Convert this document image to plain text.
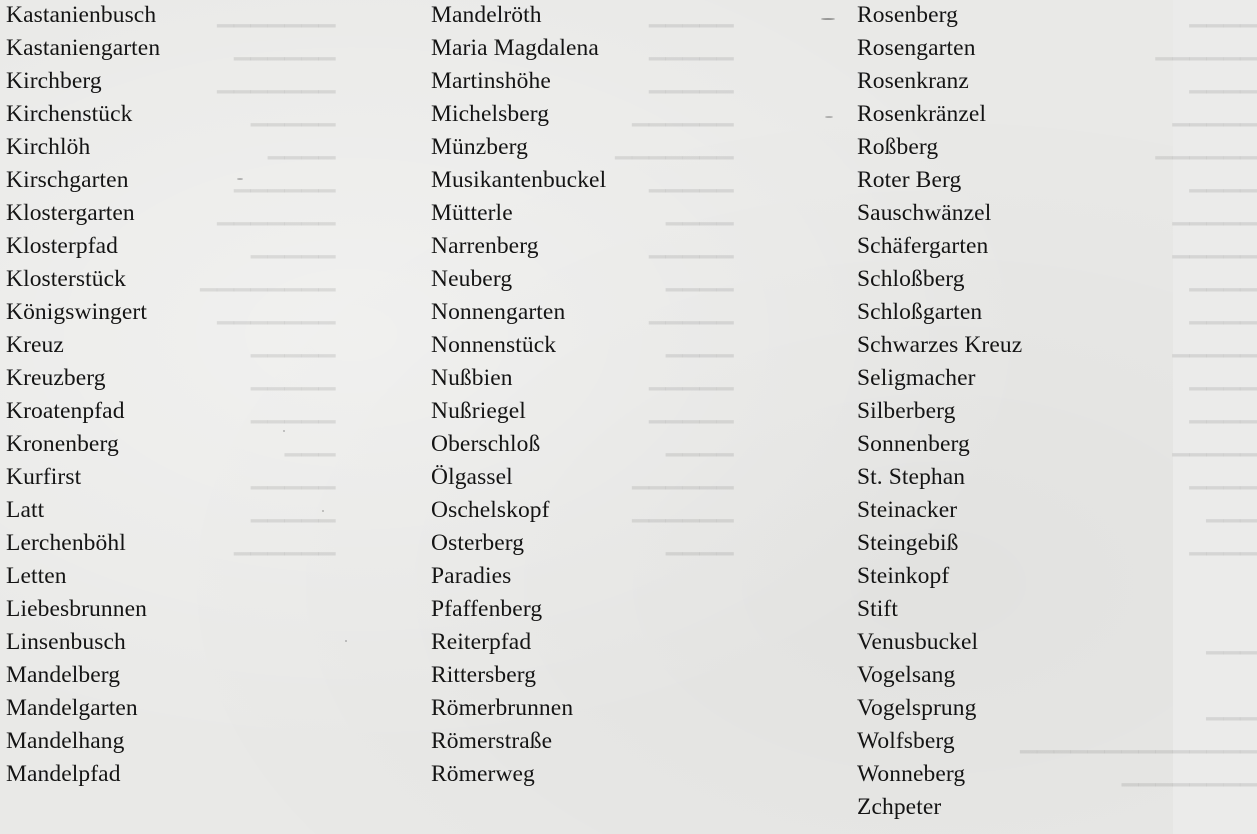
▁▁▁▁▁▁▁
▁▁▁▁▁▁
▁▁▁▁▁▁▁
▁▁▁▁▁
▁▁▁▁
▁▁▁▁▁▁
▁▁▁▁▁▁▁
▁▁▁▁▁
▁▁▁▁▁▁▁▁
▁▁▁▁▁▁▁
▁▁▁▁▁
▁▁▁▁▁
▁▁▁▁▁
▁▁▁
▁▁▁▁▁
▁▁▁▁▁
▁▁▁▁▁▁
▁▁▁▁▁
▁▁▁▁▁
▁▁▁▁▁
▁▁▁▁▁▁
▁▁▁▁▁▁▁
▁▁▁▁▁
▁▁▁▁
▁▁▁▁▁
▁▁▁▁
▁▁▁▁▁
▁▁▁▁
▁▁▁▁▁
▁▁▁▁▁
▁▁▁▁
▁▁▁▁▁▁
▁▁▁▁▁▁
▁▁▁▁
▁▁▁▁
▁▁▁▁▁▁
▁▁▁▁
▁▁▁▁▁
▁▁▁▁▁▁
▁▁▁▁
▁▁▁▁▁
▁▁▁▁▁
▁▁▁▁
▁▁▁▁
▁▁▁▁▁
▁▁▁▁
▁▁▁▁
▁▁▁▁▁
▁▁▁▁
▁▁▁
▁▁▁▁

▁▁▁

▁▁▁
▁▁▁▁▁▁▁▁▁▁▁▁▁▁
▁▁▁▁▁▁▁▁
Kastanienbusch
Kastaniengarten
Kirchberg
Kirchenstück
Kirchlöh
Kirschgarten
Klostergarten
Klosterpfad
Klosterstück
Königswingert
Kreuz
Kreuzberg
Kroatenpfad
Kronenberg
Kurfirst
Latt
Lerchenböhl
Letten
Liebesbrunnen
Linsenbusch
Mandelberg
Mandelgarten
Mandelhang
Mandelpfad
Mandelröth
Maria Magdalena
Martinshöhe
Michelsberg
Münzberg
Musikantenbuckel
Mütterle
Narrenberg
Neuberg
Nonnengarten
Nonnenstück
Nußbien
Nußriegel
Oberschloß
Ölgassel
Oschelskopf
Osterberg
Paradies
Pfaffenberg
Reiterpfad
Rittersberg
Römerbrunnen
Römerstraße
Römerweg
Rosenberg
Rosengarten
Rosenkranz
Rosenkränzel
Roßberg
Roter Berg
Sauschwänzel
Schäfergarten
Schloßberg
Schloßgarten
Schwarzes Kreuz
Seligmacher
Silberberg
Sonnenberg
St. Stephan
Steinacker
Steingebiß
Steinkopf
Stift
Venusbuckel
Vogelsang
Vogelsprung
Wolfsberg
Wonneberg
Zchpeter
